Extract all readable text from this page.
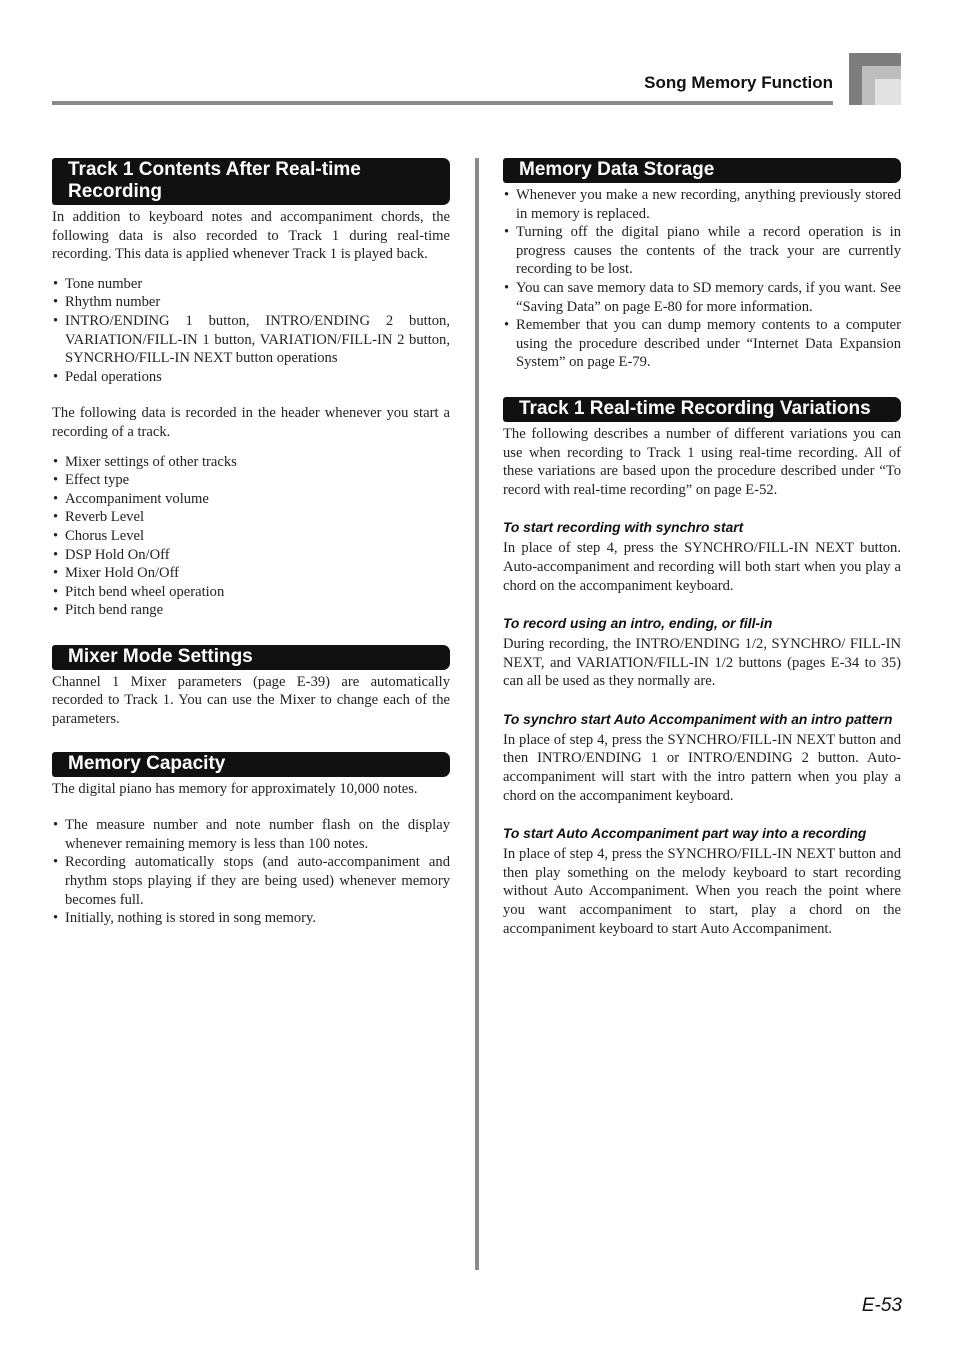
Song Memory Function
Track 1 Contents After Real-time Recording

In addition to keyboard notes and accompaniment chords, the following data is also recorded to Track 1 during real-time recording. This data is applied whenever Track 1 is played back.

• Tone number
• Rhythm number
• INTRO/ENDING 1 button, INTRO/ENDING 2 button, VARIATION/FILL-IN 1 button, VARIATION/FILL-IN 2 button, SYNCRHO/FILL-IN NEXT button operations
• Pedal operations

The following data is recorded in the header whenever you start a recording of a track.

• Mixer settings of other tracks
• Effect type
• Accompaniment volume
• Reverb Level
• Chorus Level
• DSP Hold On/Off
• Mixer Hold On/Off
• Pitch bend wheel operation
• Pitch bend range
Mixer Mode Settings

Channel 1 Mixer parameters (page E-39) are automatically recorded to Track 1. You can use the Mixer to change each of the parameters.

Memory Capacity

The digital piano has memory for approximately 10,000 notes.

• The measure number and note number flash on the display whenever remaining memory is less than 100 notes.
• Recording automatically stops (and auto-accompaniment and rhythm stops playing if they are being used) whenever memory becomes full.
• Initially, nothing is stored in song memory.
Memory Data Storage
• Whenever you make a new recording, anything previously stored in memory is replaced.
• Turning off the digital piano while a record operation is in progress causes the contents of the track your are currently recording to be lost.
• You can save memory data to SD memory cards, if you want. See “Saving Data” on page E-80 for more information.
• Remember that you can dump memory contents to a computer using the procedure described under “Internet Data Expansion System” on page E-79.
Track 1 Real-time Recording Variations

The following describes a number of different variations you can use when recording to Track 1 using real-time recording. All of these variations are based upon the procedure described under “To record with real-time recording” on page E-52.

To start recording with synchro start

In place of step 4, press the SYNCHRO/FILL-IN NEXT button. Auto-accompaniment and recording will both start when you play a chord on the accompaniment keyboard.

To record using an intro, ending, or fill-in

During recording, the INTRO/ENDING 1/2, SYNCHRO/ FILL-IN NEXT, and VARIATION/FILL-IN 1/2 buttons (pages E-34 to 35) can all be used as they normally are.

To synchro start Auto Accompaniment with an intro pattern

In place of step 4, press the SYNCHRO/FILL-IN NEXT button and then INTRO/ENDING 1 or INTRO/ENDING 2 button. Auto-accompaniment will start with the intro pattern when you play a chord on the accompaniment keyboard.

To start Auto Accompaniment part way into a recording

In place of step 4, press the SYNCHRO/FILL-IN NEXT button and then play something on the melody keyboard to start recording without Auto Accompaniment. When you reach the point where you want accompaniment to start, play a chord on the accompaniment keyboard to start Auto Accompaniment.

E-53
